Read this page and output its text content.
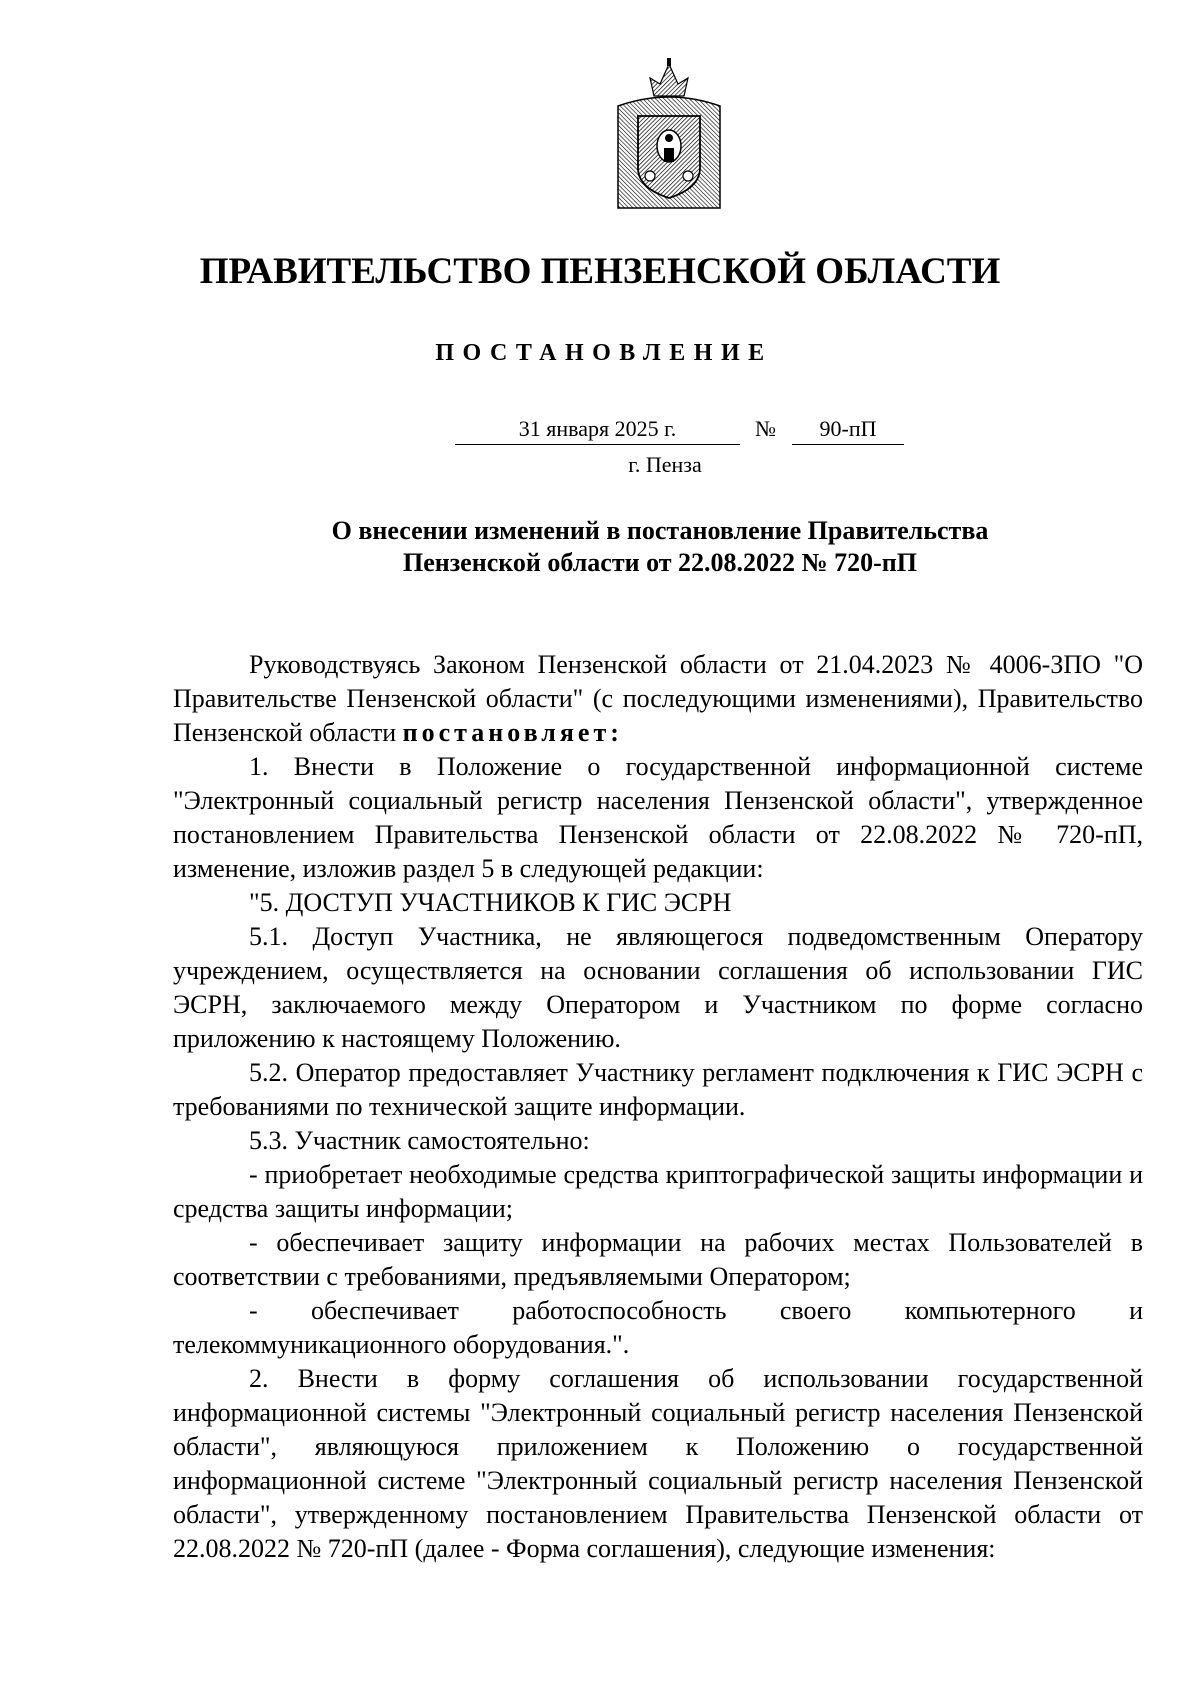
ПРАВИТЕЛЬСТВО ПЕНЗЕНСКОЙ ОБЛАСТИ
ПОСТАНОВЛЕНИЕ
31 января 2025 г.	№	90-пП
г. Пенза
О внесении изменений в постановление Правительства
Пензенской области от 22.08.2022 № 720-пП

Руководствуясь Законом Пензенской области от 21.04.2023 № 4006-ЗПО "О Правительстве Пензенской области" (с последующими изменениями), Правительство Пензенской области постановляет:

1. Внести в Положение о государственной информационной системе "Электронный социальный регистр населения Пензенской области", утвержденное постановлением Правительства Пензенской области от 22.08.2022 № 720-пП, изменение, изложив раздел 5 в следующей редакции:

"5. ДОСТУП УЧАСТНИКОВ К ГИС ЭСРН

5.1. Доступ Участника, не являющегося подведомственным Оператору учреждением, осуществляется на основании соглашения об использовании ГИС ЭСРН, заключаемого между Оператором и Участником по форме согласно приложению к настоящему Положению.

5.2. Оператор предоставляет Участнику регламент подключения к ГИС ЭСРН с требованиями по технической защите информации.

5.3. Участник самостоятельно:

- приобретает необходимые средства криптографической защиты информации и средства защиты информации;

- обеспечивает защиту информации на рабочих местах Пользователей в соответствии с требованиями, предъявляемыми Оператором;

- обеспечивает работоспособность своего компьютерного и телекоммуникационного оборудования.".

2. Внести в форму соглашения об использовании государственной информационной системы "Электронный социальный регистр населения Пензенской области", являющуюся приложением к Положению о государственной информационной системе "Электронный социальный регистр населения Пензенской области", утвержденному постановлением Правительства Пензенской области от 22.08.2022 № 720-пП (далее - Форма соглашения), следующие изменения:
